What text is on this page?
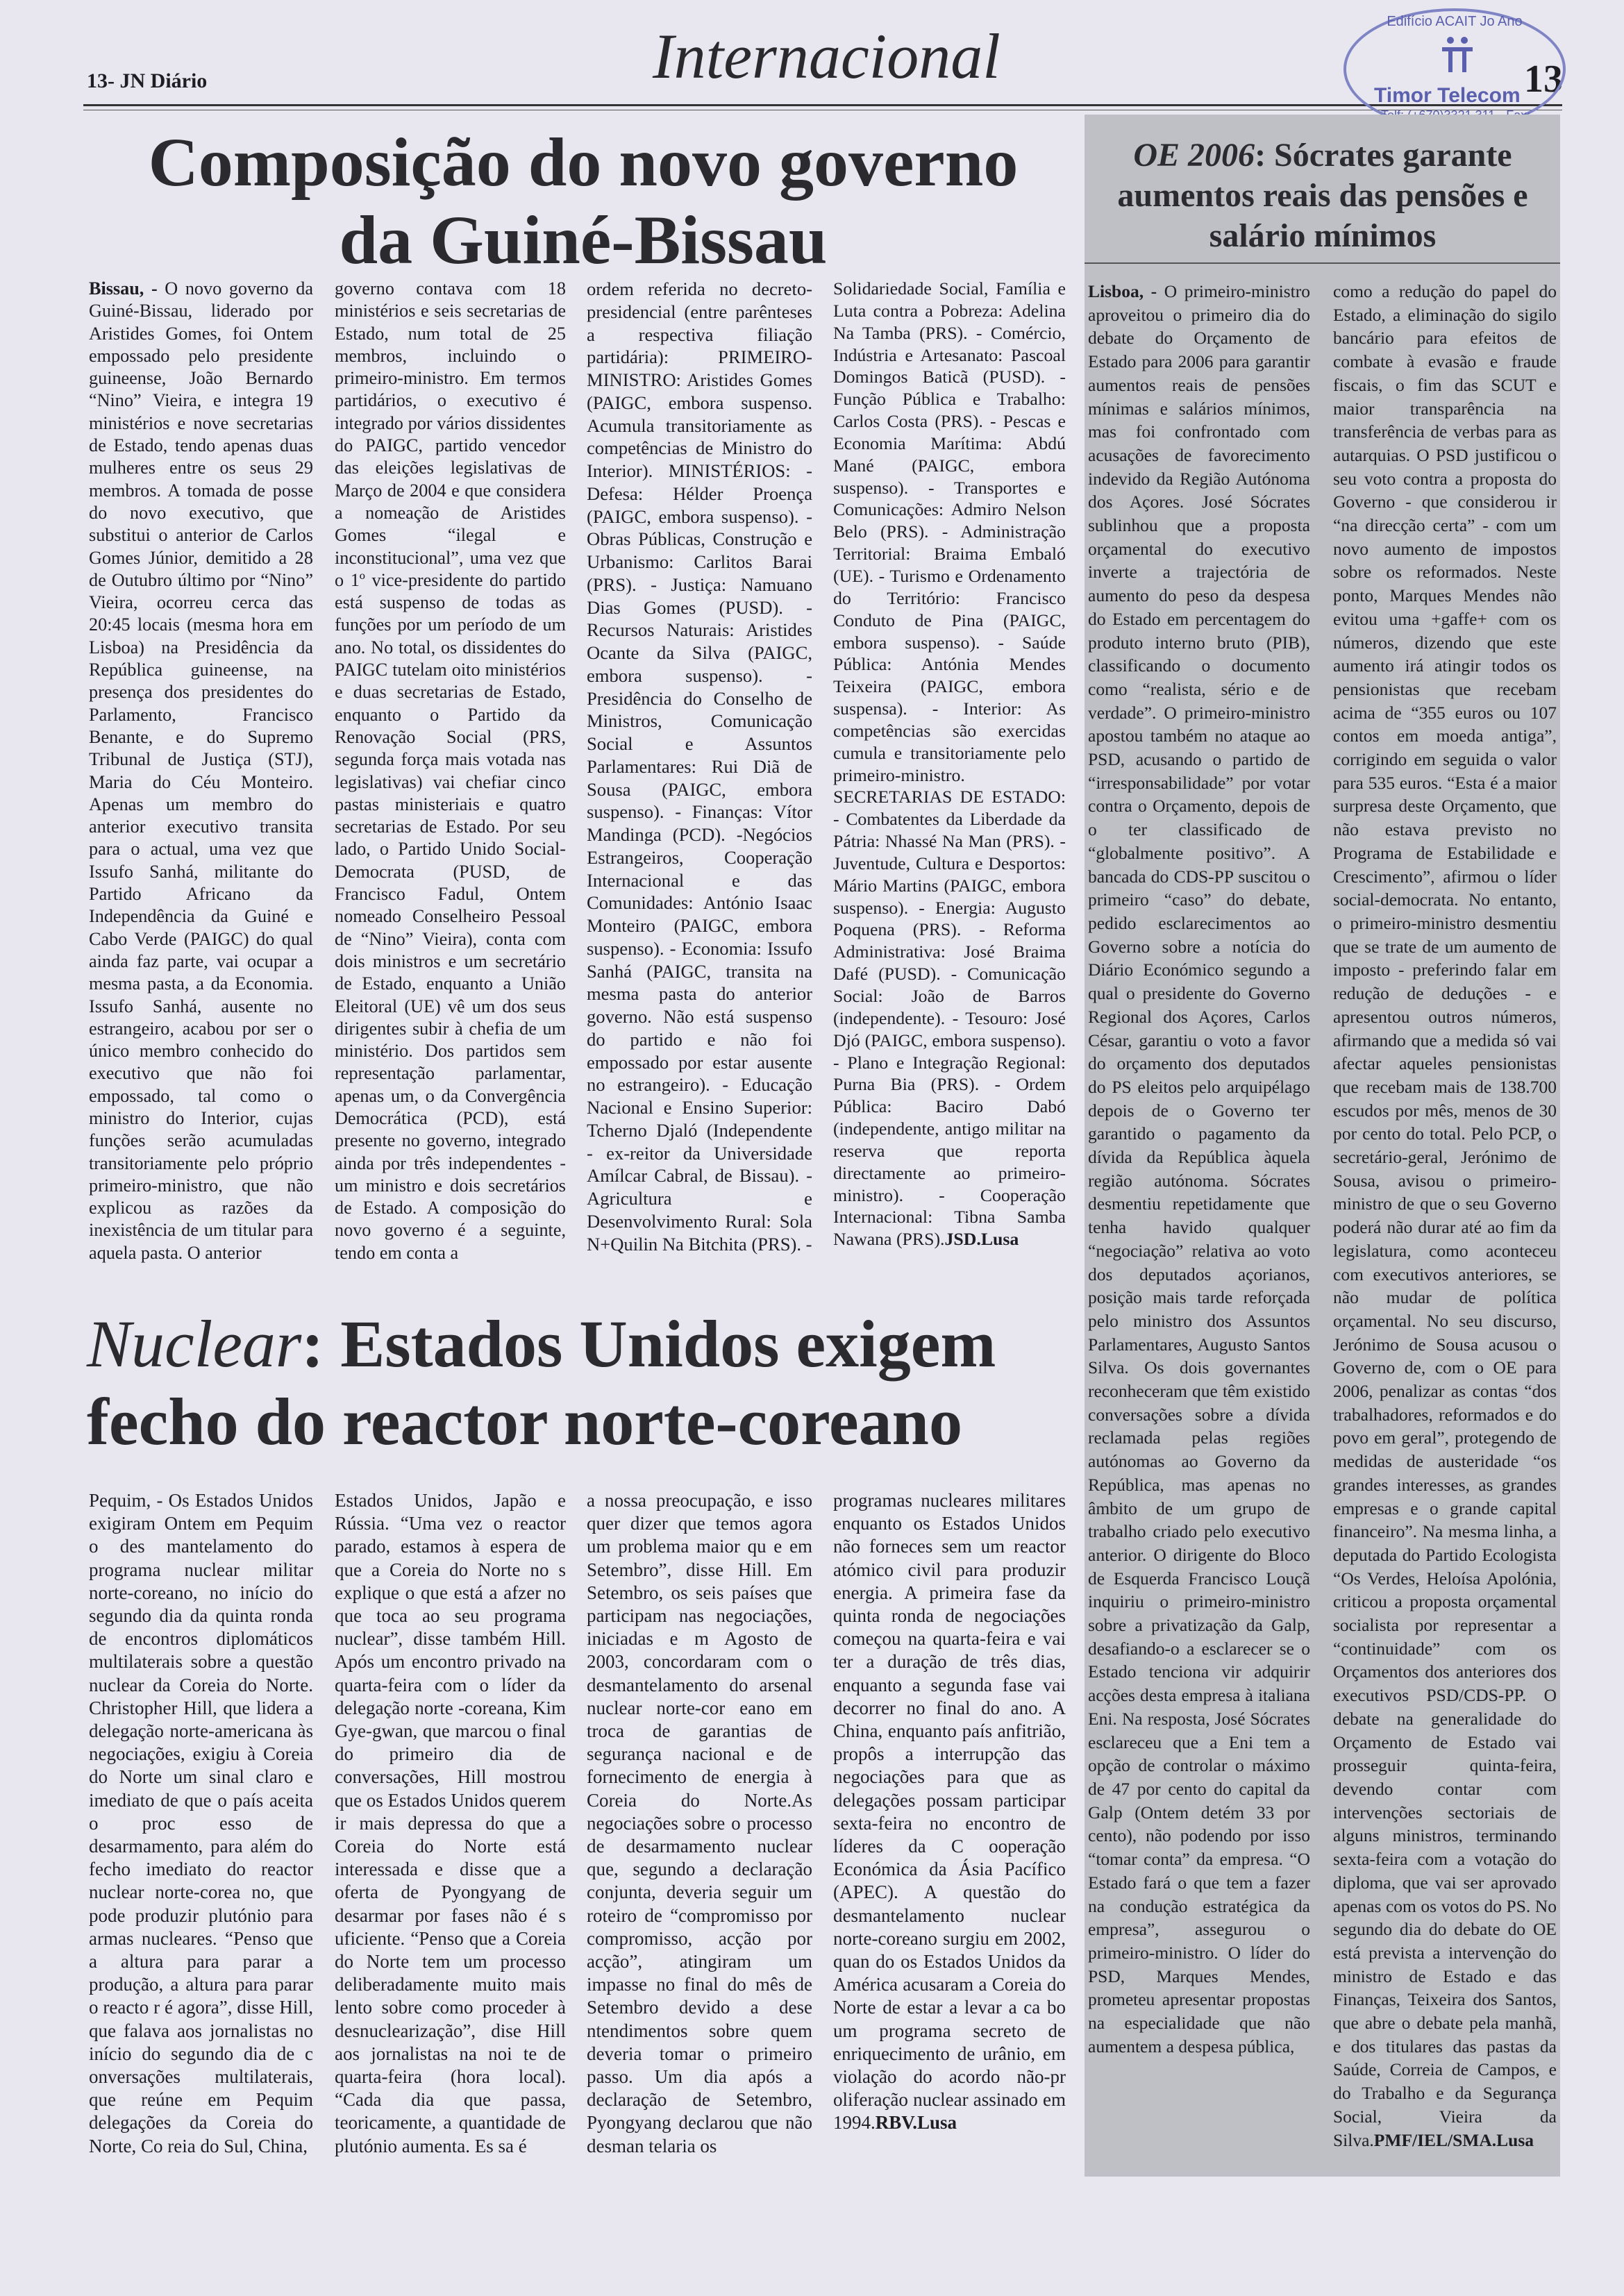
13- JN Diário	Internacional	13
Edifício ACAIT Jo Ano
Timor Telecom
Composição do novo governo da Guiné-Bissau
Bissau, - O novo governo da Guiné-Bissau, liderado por Aristides Gomes, foi Ontem empossado pelo presidente guineense, João Bernardo “Nino” Vieira, e integra 19 ministérios e nove secretarias de Estado, tendo apenas duas mulheres entre os seus 29 membros. A tomada de posse do novo executivo, que substitui o anterior de Carlos Gomes Júnior, demitido a 28 de Outubro último por “Nino” Vieira, ocorreu cerca das 20:45 locais (mesma hora em Lisboa) na Presidência da República guineense, na presença dos presidentes do Parlamento, Francisco Benante, e do Supremo Tribunal de Justiça (STJ), Maria do Céu Monteiro. Apenas um membro do anterior executivo transita para o actual, uma vez que Issufo Sanhá, militante do Partido Africano da Independência da Guiné e Cabo Verde (PAIGC) do qual ainda faz parte, vai ocupar a mesma pasta, a da Economia. Issufo Sanhá, ausente no estrangeiro, acabou por ser o único membro conhecido do executivo que não foi empossado, tal como o ministro do Interior, cujas funções serão acumuladas transitoriamente pelo próprio primeiro-ministro, que não explicou as razões da inexistência de um titular para aquela pasta. O anterior
governo contava com 18 ministérios e seis secretarias de Estado, num total de 25 membros, incluindo o primeiro-ministro. Em termos partidários, o executivo é integrado por vários dissidentes do PAIGC, partido vencedor das eleições legislativas de Março de 2004 e que considera a nomeação de Aristides Gomes “ilegal e inconstitucional”, uma vez que o 1º vice-presidente do partido está suspenso de todas as funções por um período de um ano. No total, os dissidentes do PAIGC tutelam oito ministérios e duas secretarias de Estado, enquanto o Partido da Renovação Social (PRS, segunda força mais votada nas legislativas) vai chefiar cinco pastas ministeriais e quatro secretarias de Estado. Por seu lado, o Partido Unido Social-Democrata (PUSD, de Francisco Fadul, Ontem nomeado Conselheiro Pessoal de “Nino” Vieira), conta com dois ministros e um secretário de Estado, enquanto a União Eleitoral (UE) vê um dos seus dirigentes subir à chefia de um ministério. Dos partidos sem representação parlamentar, apenas um, o da Convergência Democrática (PCD), está presente no governo, integrado ainda por três independentes - um ministro e dois secretários de Estado. A composição do novo governo é a seguinte, tendo em conta a
ordem referida no decreto-presidencial (entre parênteses a respectiva filiação partidária): PRIMEIRO-MINISTRO: Aristides Gomes (PAIGC, embora suspenso. Acumula transitoriamente as competências de Ministro do Interior). MINISTÉRIOS: - Defesa: Hélder Proença (PAIGC, embora suspenso). - Obras Públicas, Construção e Urbanismo: Carlitos Barai (PRS). - Justiça: Namuano Dias Gomes (PUSD). - Recursos Naturais: Aristides Ocante da Silva (PAIGC, embora suspenso). - Presidência do Conselho de Ministros, Comunicação Social e Assuntos Parlamentares: Rui Diã de Sousa (PAIGC, embora suspenso). - Finanças: Vítor Mandinga (PCD). -Negócios Estrangeiros, Cooperação Internacional e das Comunidades: António Isaac Monteiro (PAIGC, embora suspenso). - Economia: Issufo Sanhá (PAIGC, transita na mesma pasta do anterior governo. Não está suspenso do partido e não foi empossado por estar ausente no estrangeiro). - Educação Nacional e Ensino Superior: Tcherno Djaló (Independente - ex-reitor da Universidade Amílcar Cabral, de Bissau). - Agricultura e Desenvolvimento Rural: Sola N+Quilin Na Bitchita (PRS). -
Solidariedade Social, Família e Luta contra a Pobreza: Adelina Na Tamba (PRS). - Comércio, Indústria e Artesanato: Pascoal Domingos Baticã (PUSD). - Função Pública e Trabalho: Carlos Costa (PRS). - Pescas e Economia Marítima: Abdú Mané (PAIGC, embora suspenso). - Transportes e Comunicações: Admiro Nelson Belo (PRS). - Administração Territorial: Braima Embaló (UE). - Turismo e Ordenamento do Território: Francisco Conduto de Pina (PAIGC, embora suspenso). - Saúde Pública: Antónia Mendes Teixeira (PAIGC, embora suspensa). - Interior: As competências são exercidas cumula e transitoriamente pelo primeiro-ministro. SECRETARIAS DE ESTADO: - Combatentes da Liberdade da Pátria: Nhassé Na Man (PRS). - Juventude, Cultura e Desportos: Mário Martins (PAIGC, embora suspenso). - Energia: Augusto Poquena (PRS). - Reforma Administrativa: José Braima Dafé (PUSD). - Comunicação Social: João de Barros (independente). - Tesouro: José Djó (PAIGC, embora suspenso). - Plano e Integração Regional: Purna Bia (PRS). - Ordem Pública: Baciro Dabó (independente, antigo militar na reserva que reporta directamente ao primeiro-ministro). - Cooperação Internacional: Tibna Samba Nawana (PRS).JSD.Lusa
Nuclear: Estados Unidos exigem fecho do reactor norte-coreano
Pequim, - Os Estados Unidos exigiram Ontem em Pequim o des mantelamento do programa nuclear militar norte-coreano, no início do segundo dia da quinta ronda de encontros diplomáticos multilaterais sobre a questão nuclear da Coreia do Norte. Christopher Hill, que lidera a delegação norte-americana às negociações, exigiu à Coreia do Norte um sinal claro e imediato de que o país aceita o proc esso de desarmamento, para além do fecho imediato do reactor nuclear norte-corea no, que pode produzir plutónio para armas nucleares. “Penso que a altura para parar a produção, a altura para parar o reacto r é agora”, disse Hill, que falava aos jornalistas no início do segundo dia de c onversações multilaterais, que reúne em Pequim delegações da Coreia do Norte, Co reia do Sul, China,
Estados Unidos, Japão e Rússia. “Uma vez o reactor parado, estamos à espera de que a Coreia do Norte no s explique o que está a afzer no que toca ao seu programa nuclear”, disse também Hill. Após um encontro privado na quarta-feira com o líder da delegação norte -coreana, Kim Gye-gwan, que marcou o final do primeiro dia de conversações, Hill mostrou que os Estados Unidos querem ir mais depressa do que a Coreia do Norte está interessada e disse que a oferta de Pyongyang de desarmar por fases não é s uficiente. “Penso que a Coreia do Norte tem um processo deliberadamente muito mais lento sobre como proceder à desnuclearização”, dise Hill aos jornalistas na noi te de quarta-feira (hora local). “Cada dia que passa, teoricamente, a quantidade de plutónio aumenta. Es sa é
a nossa preocupação, e isso quer dizer que temos agora um problema maior qu e em Setembro”, disse Hill. Em Setembro, os seis países que participam nas negociações, iniciadas e m Agosto de 2003, concordaram com o desmantelamento do arsenal nuclear norte-cor eano em troca de garantias de segurança nacional e de fornecimento de energia à Coreia do Norte.As negociações sobre o processo de desarmamento nuclear que, segundo a declaração conjunta, deveria seguir um roteiro de “compromisso por compromisso, acção por acção”, atingiram um impasse no final do mês de Setembro devido a dese ntendimentos sobre quem deveria tomar o primeiro passo. Um dia após a declaração de Setembro, Pyongyang declarou que não desman telaria os
programas nucleares militares enquanto os Estados Unidos não forneces sem um reactor atómico civil para produzir energia. A primeira fase da quinta ronda de negociações começou na quarta-feira e vai ter a duração de três dias, enquanto a segunda fase vai decorrer no final do ano. A China, enquanto país anfitrião, propôs a interrupção das negociações para que as delegações possam participar sexta-feira no encontro de líderes da C ooperação Económica da Ásia Pacífico (APEC). A questão do desmantelamento nuclear norte-coreano surgiu em 2002, quan do os Estados Unidos da América acusaram a Coreia do Norte de estar a levar a ca bo um programa secreto de enriquecimento de urânio, em violação do acordo não-pr oliferação nuclear assinado em 1994.RBV.Lusa
OE 2006: Sócrates garante aumentos reais das pensões e salário mínimos
Lisboa, - O primeiro-ministro aproveitou o primeiro dia do debate do Orçamento de Estado para 2006 para garantir aumentos reais de pensões mínimas e salários mínimos, mas foi confrontado com acusações de favorecimento indevido da Região Autónoma dos Açores. José Sócrates sublinhou que a proposta orçamental do executivo inverte a trajectória de aumento do peso da despesa do Estado em percentagem do produto interno bruto (PIB), classificando o documento como “realista, sério e de verdade”. O primeiro-ministro apostou também no ataque ao PSD, acusando o partido de “irresponsabilidade” por votar contra o Orçamento, depois de o ter classificado de “globalmente positivo”. A bancada do CDS-PP suscitou o primeiro “caso” do debate, pedido esclarecimentos ao Governo sobre a notícia do Diário Económico segundo a qual o presidente do Governo Regional dos Açores, Carlos César, garantiu o voto a favor do orçamento dos deputados do PS eleitos pelo arquipélago depois de o Governo ter garantido o pagamento da dívida da República àquela região autónoma. Sócrates desmentiu repetidamente que tenha havido qualquer “negociação” relativa ao voto dos deputados açorianos, posição mais tarde reforçada pelo ministro dos Assuntos Parlamentares, Augusto Santos Silva. Os dois governantes reconheceram que têm existido conversações sobre a dívida reclamada pelas regiões autónomas ao Governo da República, mas apenas no âmbito de um grupo de trabalho criado pelo executivo anterior. O dirigente do Bloco de Esquerda Francisco Louçã inquiriu o primeiro-ministro sobre a privatização da Galp, desafiando-o a esclarecer se o Estado tenciona vir adquirir acções desta empresa à italiana Eni. Na resposta, José Sócrates esclareceu que a Eni tem a opção de controlar o máximo de 47 por cento do capital da Galp (Ontem detém 33 por cento), não podendo por isso “tomar conta” da empresa. “O Estado fará o que tem a fazer na condução estratégica da empresa”, assegurou o primeiro-ministro. O líder do PSD, Marques Mendes, prometeu apresentar propostas na especialidade que não aumentem a despesa pública,
como a redução do papel do Estado, a eliminação do sigilo bancário para efeitos de combate à evasão e fraude fiscais, o fim das SCUT e maior transparência na transferência de verbas para as autarquias. O PSD justificou o seu voto contra a proposta do Governo - que considerou ir “na direcção certa” - com um novo aumento de impostos sobre os reformados. Neste ponto, Marques Mendes não evitou uma +gaffe+ com os números, dizendo que este aumento irá atingir todos os pensionistas que recebam acima de “355 euros ou 107 contos em moeda antiga”, corrigindo em seguida o valor para 535 euros. “Esta é a maior surpresa deste Orçamento, que não estava previsto no Programa de Estabilidade e Crescimento”, afirmou o líder social-democrata. No entanto, o primeiro-ministro desmentiu que se trate de um aumento de imposto - preferindo falar em redução de deduções - e apresentou outros números, afirmando que a medida só vai afectar aqueles pensionistas que recebam mais de 138.700 escudos por mês, menos de 30 por cento do total. Pelo PCP, o secretário-geral, Jerónimo de Sousa, avisou o primeiro-ministro de que o seu Governo poderá não durar até ao fim da legislatura, como aconteceu com executivos anteriores, se não mudar de política orçamental. No seu discurso, Jerónimo de Sousa acusou o Governo de, com o OE para 2006, penalizar as contas “dos trabalhadores, reformados e do povo em geral”, protegendo de medidas de austeridade “os grandes interesses, as grandes empresas e o grande capital financeiro”. Na mesma linha, a deputada do Partido Ecologista “Os Verdes, Heloísa Apolónia, criticou a proposta orçamental socialista por representar a “continuidade” com os Orçamentos dos anteriores dos executivos PSD/CDS-PP. O debate na generalidade do Orçamento de Estado vai prosseguir quinta-feira, devendo contar com intervenções sectoriais de alguns ministros, terminando sexta-feira com a votação do diploma, que vai ser aprovado apenas com os votos do PS. No segundo dia do debate do OE está prevista a intervenção do ministro de Estado e das Finanças, Teixeira dos Santos, que abre o debate pela manhã, e dos titulares das pastas da Saúde, Correia de Campos, e do Trabalho e da Segurança Social, Vieira da Silva.PMF/IEL/SMA.Lusa
